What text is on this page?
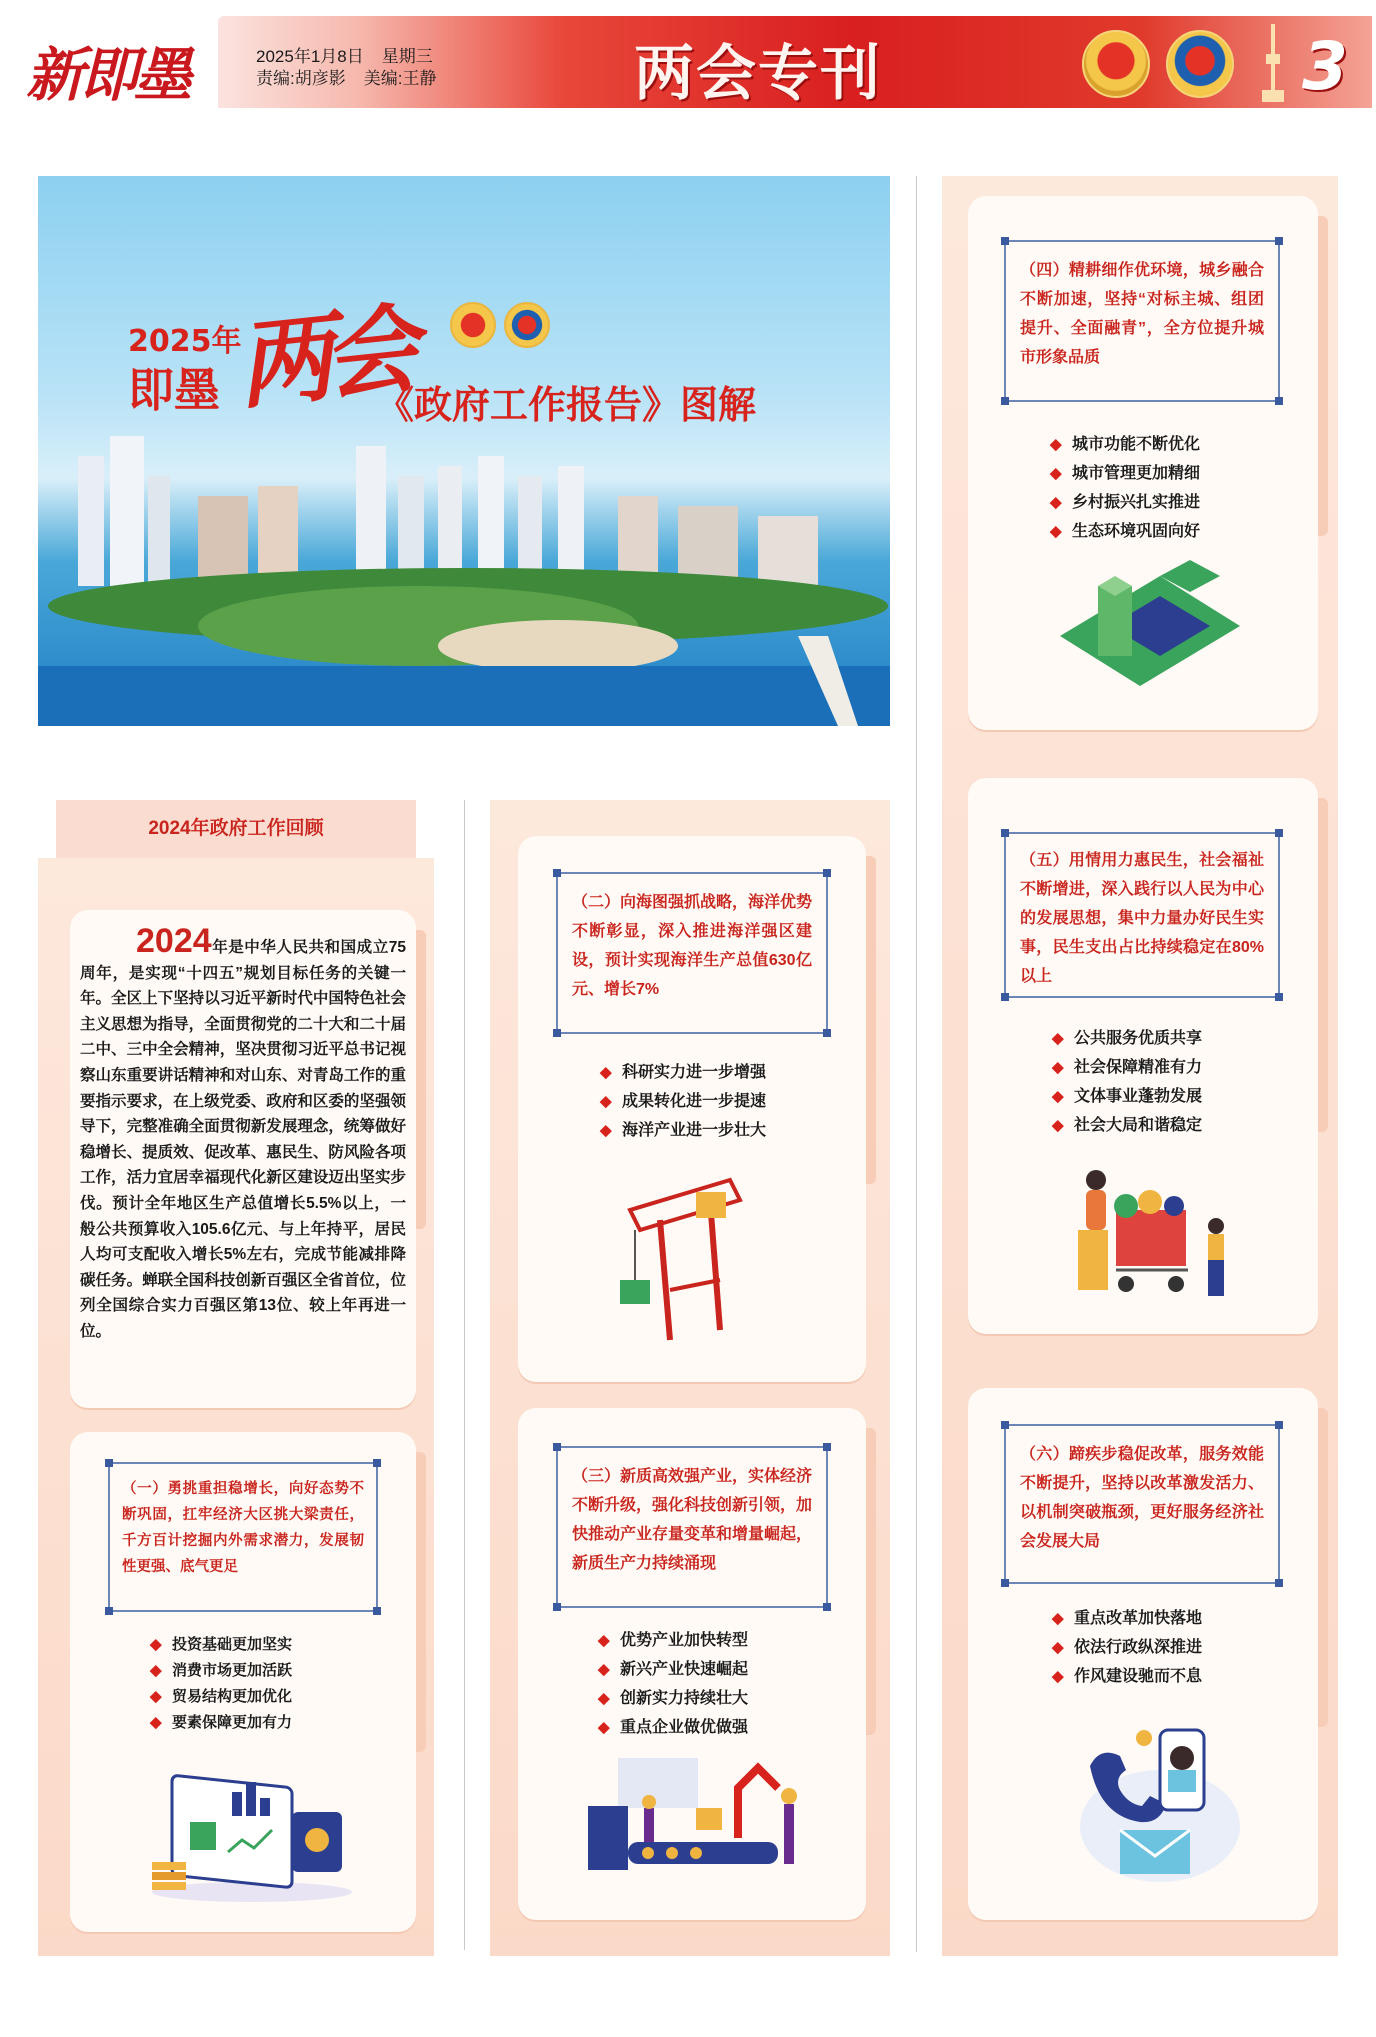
新即墨	2025年1月8日 星期三
责编:胡彦影 美编:王静	两会专刊	3
2025年
即墨 两会
《政府工作报告》图解
2024年政府工作回顾
2024年是中华人民共和国成立75周年，是实现“十四五”规划目标任务的关键一年。全区上下坚持以习近平新时代中国特色社会主义思想为指导，全面贯彻党的二十大和二十届二中、三中全会精神，坚决贯彻习近平总书记视察山东重要讲话精神和对山东、对青岛工作的重要指示要求，在上级党委、政府和区委的坚强领导下，完整准确全面贯彻新发展理念，统筹做好稳增长、提质效、促改革、惠民生、防风险各项工作，活力宜居幸福现代化新区建设迈出坚实步伐。预计全年地区生产总值增长5.5%以上，一般公共预算收入105.6亿元、与上年持平，居民人均可支配收入增长5%左右，完成节能减排降碳任务。蝉联全国科技创新百强区全省首位，位列全国综合实力百强区第13位、较上年再进一位。

（一）勇挑重担稳增长，向好态势不断巩固，扛牢经济大区挑大梁责任，千方百计挖掘内外需求潜力，发展韧性更强、底气更足

◆ 投资基础更加坚实
◆ 消费市场更加活跃
◆ 贸易结构更加优化
◆ 要素保障更加有力

（二）向海图强抓战略，海洋优势不断彰显，深入推进海洋强区建设，预计实现海洋生产总值630亿元、增长7%

◆ 科研实力进一步增强
◆ 成果转化进一步提速
◆ 海洋产业进一步壮大

（三）新质高效强产业，实体经济不断升级，强化科技创新引领，加快推动产业存量变革和增量崛起，新质生产力持续涌现

◆ 优势产业加快转型
◆ 新兴产业快速崛起
◆ 创新实力持续壮大
◆ 重点企业做优做强

（四）精耕细作优环境，城乡融合不断加速，坚持“对标主城、组团提升、全面融青”，全方位提升城市形象品质

◆ 城市功能不断优化
◆ 城市管理更加精细
◆ 乡村振兴扎实推进
◆ 生态环境巩固向好

（五）用情用力惠民生，社会福祉不断增进，深入践行以人民为中心的发展思想，集中力量办好民生实事，民生支出占比持续稳定在80%以上

◆ 公共服务优质共享
◆ 社会保障精准有力
◆ 文体事业蓬勃发展
◆ 社会大局和谐稳定

（六）蹄疾步稳促改革，服务效能不断提升，坚持以改革激发活力、以机制突破瓶颈，更好服务经济社会发展大局

◆ 重点改革加快落地
◆ 依法行政纵深推进
◆ 作风建设驰而不息
